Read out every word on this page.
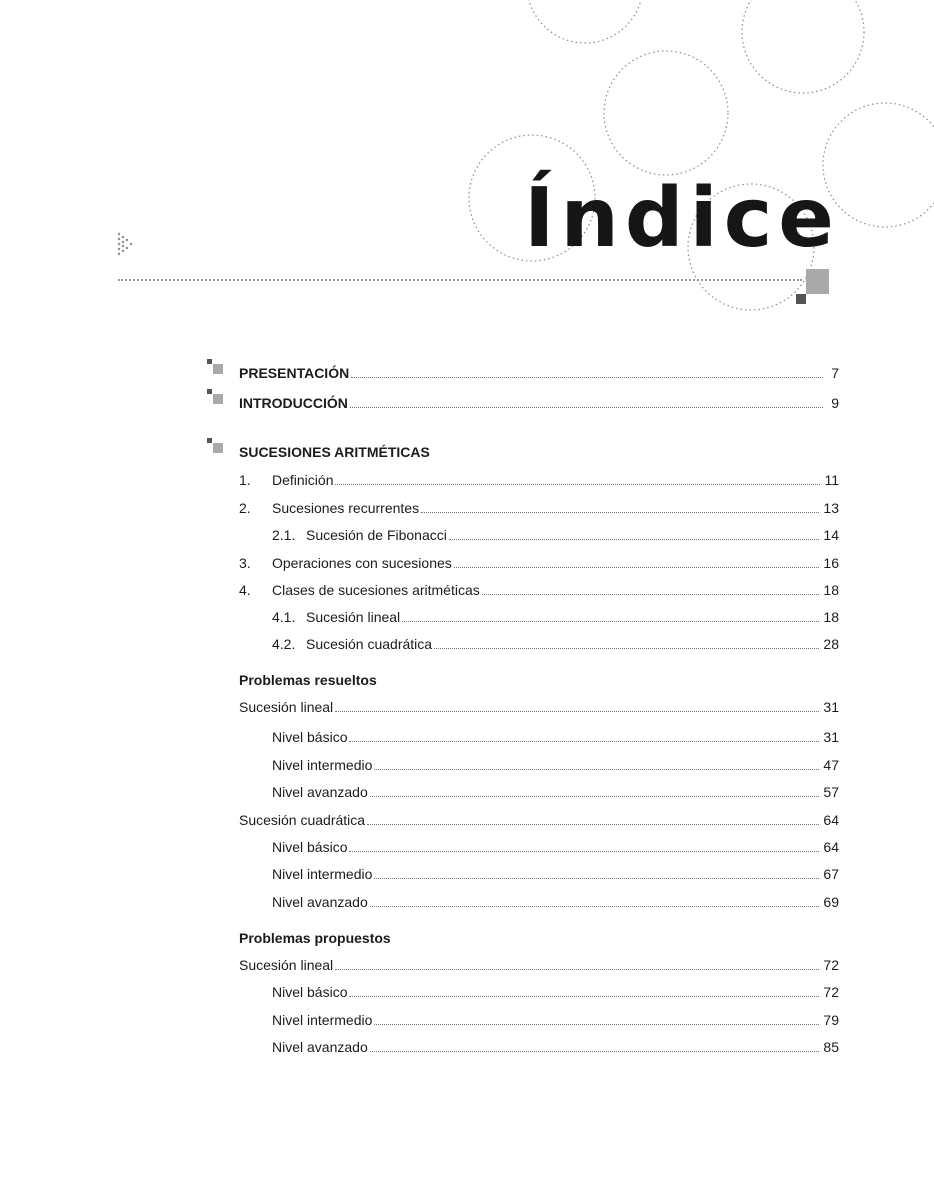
Índice
PRESENTACIÓN	7
INTRODUCCIÓN	9
SUCESIONES ARITMÉTICAS
1.	Definición	11
2.	Sucesiones recurrentes	13
2.1. Sucesión de Fibonacci	14
3.	Operaciones con sucesiones	16
4.	Clases de sucesiones aritméticas	18
4.1. Sucesión lineal	18
4.2. Sucesión cuadrática	28
Problemas resueltos
Sucesión lineal	31
Nivel básico	31
Nivel intermedio	47
Nivel avanzado	57
Sucesión cuadrática	64
Nivel básico	64
Nivel intermedio	67
Nivel avanzado	69
Problemas propuestos
Sucesión lineal	72
Nivel básico	72
Nivel intermedio	79
Nivel avanzado	85
